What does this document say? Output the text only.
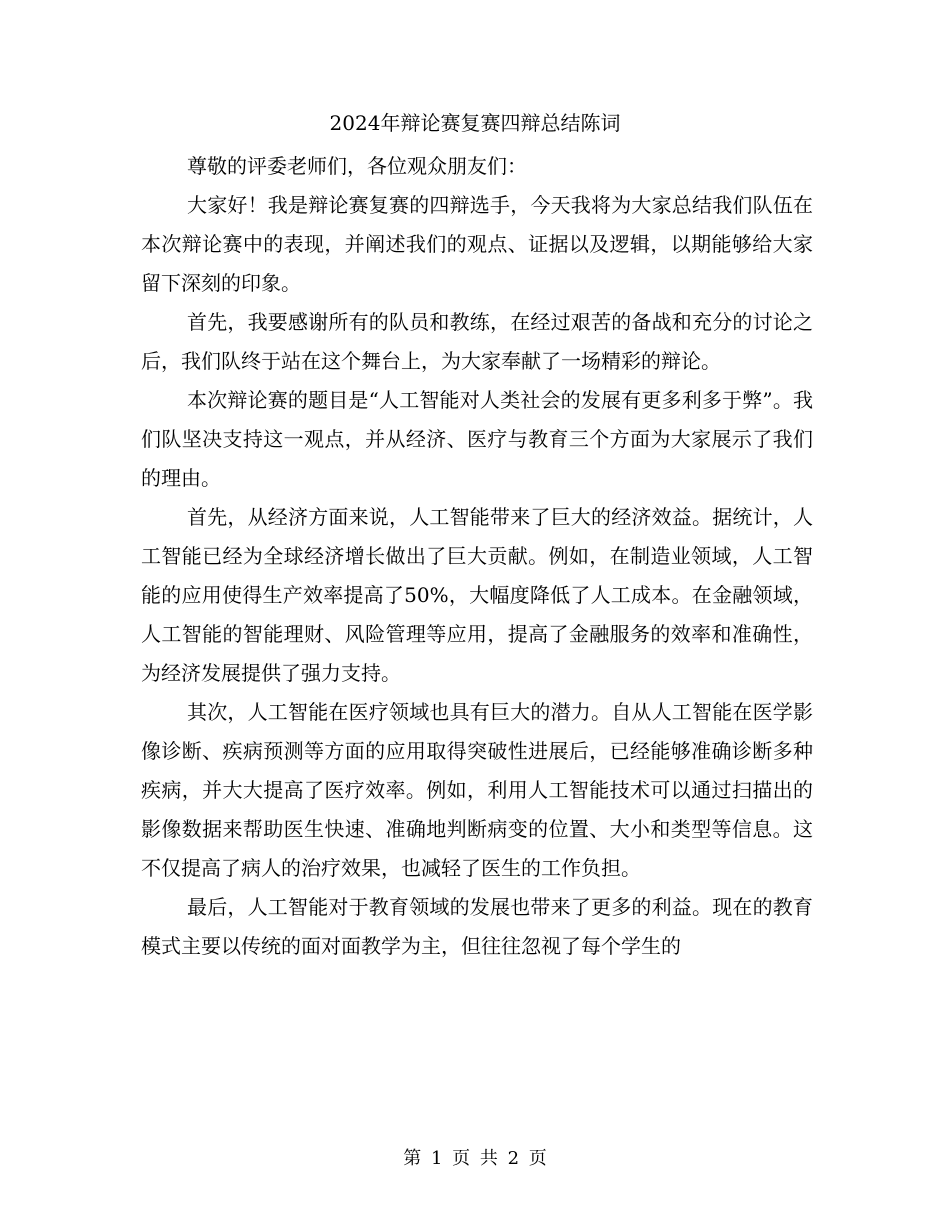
2024年辩论赛复赛四辩总结陈词

尊敬的评委老师们，各位观众朋友们：

大家好！我是辩论赛复赛的四辩选手，今天我将为大家总结我们队伍在本次辩论赛中的表现，并阐述我们的观点、证据以及逻辑，以期能够给大家留下深刻的印象。

首先，我要感谢所有的队员和教练，在经过艰苦的备战和充分的讨论之后，我们队终于站在这个舞台上，为大家奉献了一场精彩的辩论。

本次辩论赛的题目是“人工智能对人类社会的发展有更多利多于弊”。我们队坚决支持这一观点，并从经济、医疗与教育三个方面为大家展示了我们的理由。

首先，从经济方面来说，人工智能带来了巨大的经济效益。据统计，人工智能已经为全球经济增长做出了巨大贡献。例如，在制造业领域，人工智能的应用使得生产效率提高了50%，大幅度降低了人工成本。在金融领域，人工智能的智能理财、风险管理等应用，提高了金融服务的效率和准确性，为经济发展提供了强力支持。

其次，人工智能在医疗领域也具有巨大的潜力。自从人工智能在医学影像诊断、疾病预测等方面的应用取得突破性进展后，已经能够准确诊断多种疾病，并大大提高了医疗效率。例如，利用人工智能技术可以通过扫描出的影像数据来帮助医生快速、准确地判断病变的位置、大小和类型等信息。这不仅提高了病人的治疗效果，也减轻了医生的工作负担。

最后，人工智能对于教育领域的发展也带来了更多的利益。现在的教育模式主要以传统的面对面教学为主，但往往忽视了每个学生的

第 1 页 共 2 页
